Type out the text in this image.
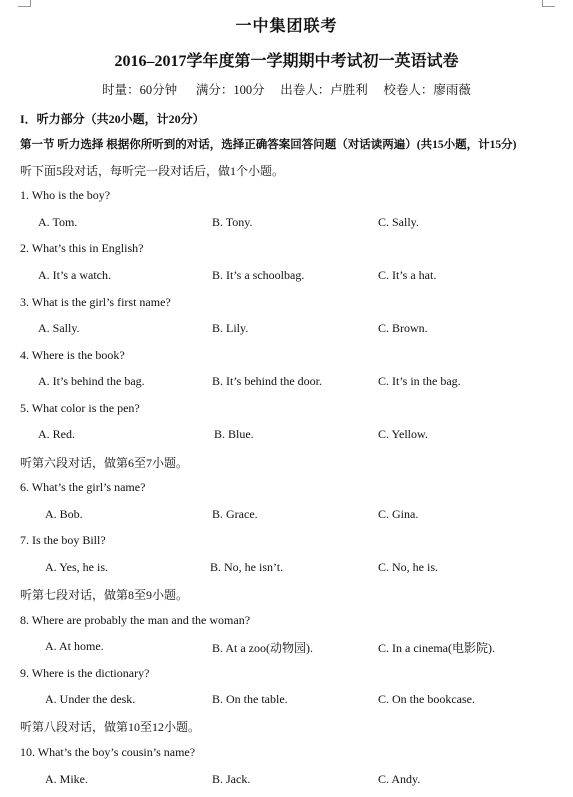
一中集团联考
2016–2017学年度第一学期期中考试初一英语试卷
时量：60分钟      满分：100分     出卷人：卢胜利     校卷人：廖雨薇
I．听力部分（共20小题，计20分）
第一节 听力选择 根据你所听到的对话，选择正确答案回答问题（对话读两遍）(共15小题，计15分)
听下面5段对话，每听完一段对话后，做1个小题。
1. Who is the boy?
A. Tom.	B. Tony.	C. Sally.
2. What’s this in English?
A. It’s a watch.	B. It’s a schoolbag.	C. It’s a hat.
3. What is the girl’s first name?
A. Sally.	B. Lily.	C. Brown.
4. Where is the book?
A. It’s behind the bag.	B. It’s behind the door.	C. It’s in the bag.
5. What color is the pen?
A. Red.	B. Blue.	C. Yellow.
听第六段对话，做第6至7小题。
6. What’s the girl’s name?
A. Bob.	B. Grace.	C. Gina.
7. Is the boy Bill?
A. Yes, he is.	B. No, he isn’t.	C. No, he is.
听第七段对话，做第8至9小题。
8. Where are probably the man and the woman?
A. At home.	B. At a zoo(动物园).	C. In a cinema(电影院).
9. Where is the dictionary?
A. Under the desk.	B. On the table.	C. On the bookcase.
听第八段对话，做第10至12小题。
10. What’s the boy’s cousin’s name?
A. Mike.	B. Jack.	C. Andy.
